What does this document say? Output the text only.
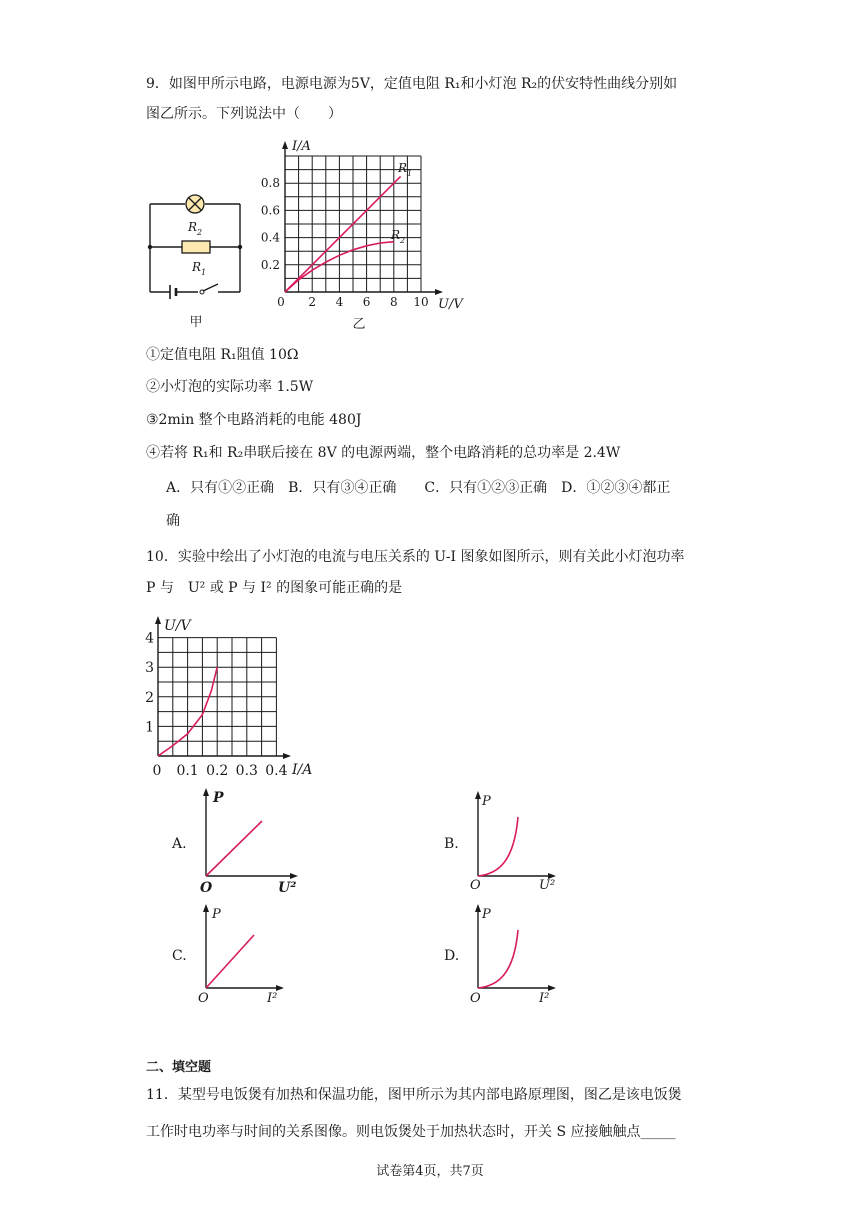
9．如图甲所示电路，电源电源为5V，定值电阻 R₁和小灯泡 R₂的伏安特性曲线分别如
图乙所示。下列说法中（　　）
$R_2$
$R_1$
甲
I/A
U/V
0 2 4 6 8 10
0.2
0.4
0.6
0.8
$R_1$
$R_2$
乙
①定值电阻 R₁阻值 10Ω
②小灯泡的实际功率 1.5W
③2min 整个电路消耗的电能 480J
④若将 R₁和 R₂串联后接在 8V 的电源两端，整个电路消耗的总功率是 2.4W
A．只有①②正确　B．只有③④正确　　C．只有①②③正确　D．①②③④都正
确
10．实验中绘出了小灯泡的电流与电压关系的 U-I 图象如图所示，则有关此小灯泡功率
P 与　U² 或 P 与 I² 的图象可能正确的是
U/V
I/A
0 0.1 0.2 0.3 0.4
1
2
3
4
A.
P
O	U²
B.
P
O	U²
C.
P
O	I²
D.
P
O	I²
二、填空题
11．某型号电饭煲有加热和保温功能，图甲所示为其内部电路原理图，图乙是该电饭煲
工作时电功率与时间的关系图像。则电饭煲处于加热状态时，开关 S 应接触触点_____
试卷第4页，共7页
